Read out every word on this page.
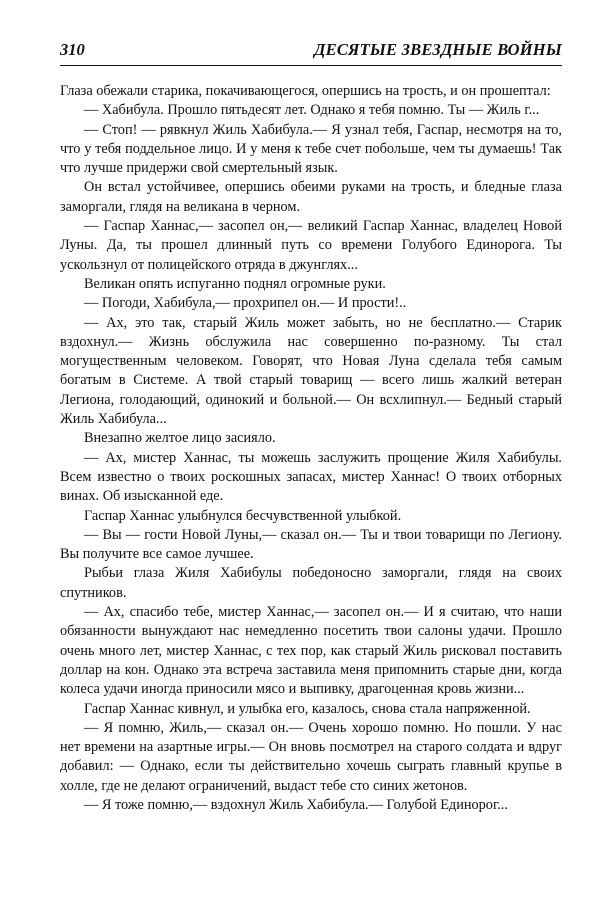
310	ДЕСЯТЫЕ ЗВЕЗДНЫЕ ВОЙНЫ

Глаза обежали старика, покачивающегося, опершись на трость, и он прошептал:

— Хабибула. Прошло пятьдесят лет. Однако я тебя помню. Ты — Жиль г...

— Стоп! — рявкнул Жиль Хабибула.— Я узнал тебя, Гаспар, несмотря на то, что у тебя поддельное лицо. И у меня к тебе счет побольше, чем ты думаешь! Так что лучше придержи свой смертельный язык.

Он встал устойчивее, опершись обеими руками на трость, и бледные глаза заморгали, глядя на великана в черном.

— Гаспар Ханнас,— засопел он,— великий Гаспар Ханнас, владелец Новой Луны. Да, ты прошел длинный путь со времени Голубого Единорога. Ты ускользнул от полицейского отряда в джунглях...

Великан опять испуганно поднял огромные руки.

— Погоди, Хабибула,— прохрипел он.— И прости!..

— Ах, это так, старый Жиль может забыть, но не бесплатно.— Старик вздохнул.— Жизнь обслужила нас совершенно по-разному. Ты стал могущественным человеком. Говорят, что Новая Луна сделала тебя самым богатым в Системе. А твой старый товарищ — всего лишь жалкий ветеран Легиона, голодающий, одинокий и больной.— Он всхлипнул.— Бедный старый Жиль Хабибула...

Внезапно желтое лицо засияло.

— Ах, мистер Ханнас, ты можешь заслужить прощение Жиля Хабибулы. Всем известно о твоих роскошных запасах, мистер Ханнас! О твоих отборных винах. Об изысканной еде.

Гаспар Ханнас улыбнулся бесчувственной улыбкой.

— Вы — гости Новой Луны,— сказал он.— Ты и твои товарищи по Легиону. Вы получите все самое лучшее.

Рыбьи глаза Жиля Хабибулы победоносно заморгали, глядя на своих спутников.

— Ах, спасибо тебе, мистер Ханнас,— засопел он.— И я считаю, что наши обязанности вынуждают нас немедленно посетить твои салоны удачи. Прошло очень много лет, мистер Ханнас, с тех пор, как старый Жиль рисковал поставить доллар на кон. Однако эта встреча заставила меня припомнить старые дни, когда колеса удачи иногда приносили мясо и выпивку, драгоценная кровь жизни...

Гаспар Ханнас кивнул, и улыбка его, казалось, снова стала напряженной.

— Я помню, Жиль,— сказал он.— Очень хорошо помню. Но пошли. У нас нет времени на азартные игры.— Он вновь посмотрел на старого солдата и вдруг добавил: — Однако, если ты действительно хочешь сыграть главный крупье в холле, где не делают ограничений, выдаст тебе сто синих жетонов.

— Я тоже помню,— вздохнул Жиль Хабибула.— Голубой Единорог...
